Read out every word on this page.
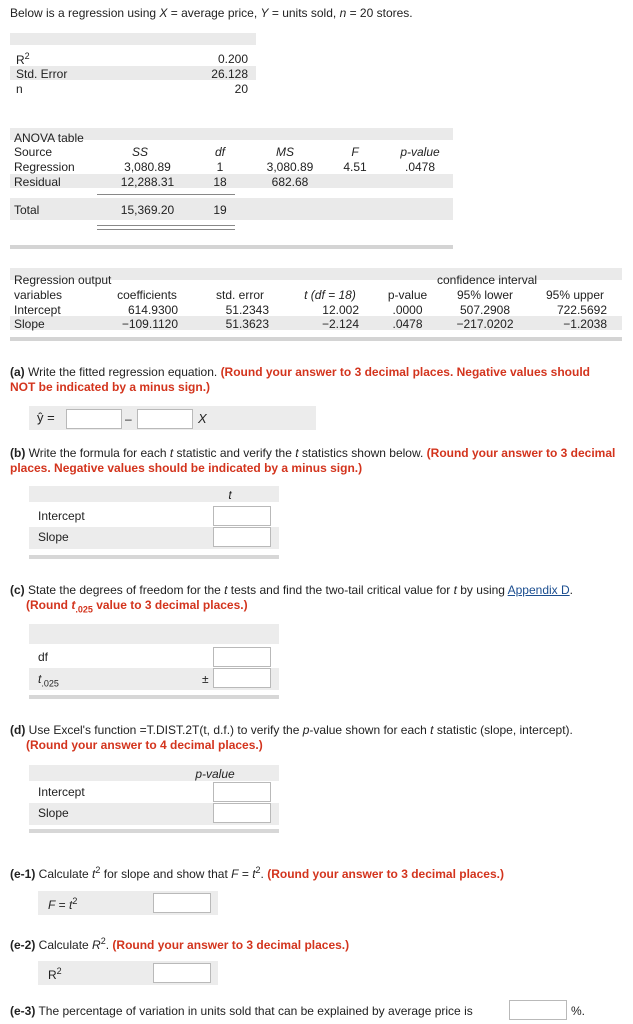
Below is a regression using X = average price, Y = units sold, n = 20 stores.
$R^2$	0.200
Std. Error	26.128
n	20
ANOVA table
Source	SS	df	MS	F	p-value
Regression	3,080.89	1	3,080.89	4.51	.0478
Residual	12,288.31	18	682.68
Total	15,369.20	19
Regression output	confidence interval
variables	coefficients	std. error	t (df = 18)	p-value	95% lower	95% upper
Intercept	614.9300	51.2343	12.002	.0000	507.2908	722.5692
Slope	−109.1120	51.3623	−2.124	.0478	−217.0202	−1.2038
(a) Write the fitted regression equation. (Round your answer to 3 decimal places. Negative values should NOT be indicated by a minus sign.)
ŷ =	–	X
(b) Write the formula for each t statistic and verify the t statistics shown below. (Round your answer to 3 decimal places. Negative values should be indicated by a minus sign.)
t
Intercept
Slope
(c) State the degrees of freedom for the t tests and find the two-tail critical value for t by using Appendix D.
(Round $t_{.025}$ value to 3 decimal places.)
df
$t_{.025}$	±
(d) Use Excel's function =T.DIST.2T(t, d.f.) to verify the p-value shown for each t statistic (slope, intercept).
(Round your answer to 4 decimal places.)
p-value
Intercept
Slope
(e-1) Calculate $t^2$ for slope and show that $F = t^2$. (Round your answer to 3 decimal places.)
$F = t^2$
(e-2) Calculate $R^2$. (Round your answer to 3 decimal places.)
$R^2$
(e-3) The percentage of variation in units sold that can be explained by average price is	%.
